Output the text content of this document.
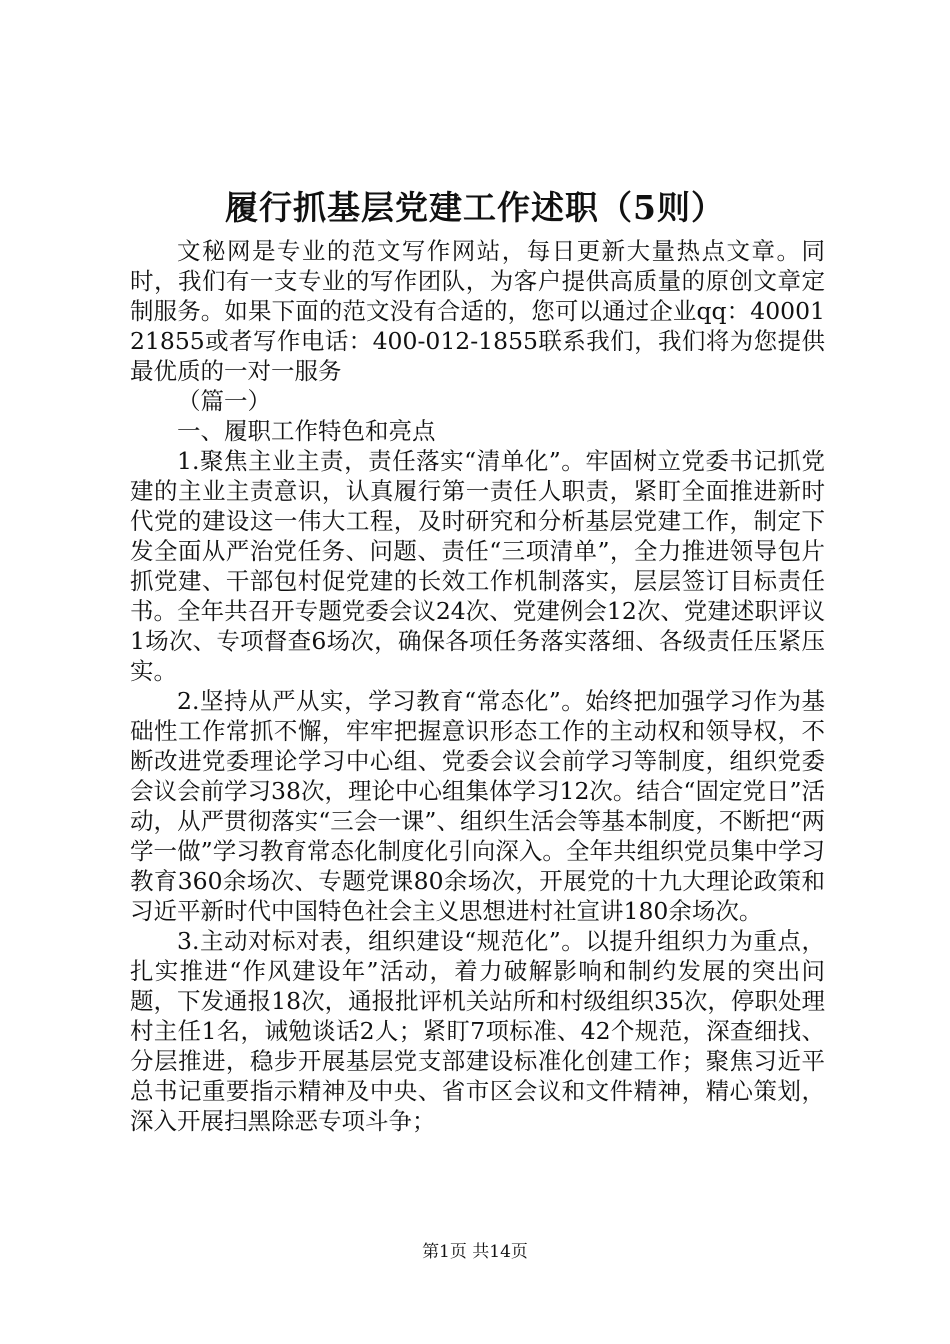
履行抓基层党建工作述职（5则）

文秘网是专业的范文写作网站，每日更新大量热点文章。同时，我们有一支专业的写作团队，为客户提供高质量的原创文章定制服务。如果下面的范文没有合适的，您可以通过企业qq：4000121855或者写作电话：400-012-1855联系我们，我们将为您提供最优质的一对一服务

（篇一）

一、履职工作特色和亮点

1.聚焦主业主责，责任落实“清单化”。牢固树立党委书记抓党建的主业主责意识，认真履行第一责任人职责，紧盯全面推进新时代党的建设这一伟大工程，及时研究和分析基层党建工作，制定下发全面从严治党任务、问题、责任“三项清单”，全力推进领导包片抓党建、干部包村促党建的长效工作机制落实，层层签订目标责任书。全年共召开专题党委会议24次、党建例会12次、党建述职评议1场次、专项督查6场次，确保各项任务落实落细、各级责任压紧压实。

2.坚持从严从实，学习教育“常态化”。始终把加强学习作为基础性工作常抓不懈，牢牢把握意识形态工作的主动权和领导权，不断改进党委理论学习中心组、党委会议会前学习等制度，组织党委会议会前学习38次，理论中心组集体学习12次。结合“固定党日”活动，从严贯彻落实“三会一课”、组织生活会等基本制度，不断把“两学一做”学习教育常态化制度化引向深入。全年共组织党员集中学习教育360余场次、专题党课80余场次，开展党的十九大理论政策和习近平新时代中国特色社会主义思想进村社宣讲180余场次。

3.主动对标对表，组织建设“规范化”。以提升组织力为重点，扎实推进“作风建设年”活动，着力破解影响和制约发展的突出问题，下发通报18次，通报批评机关站所和村级组织35次，停职处理村主任1名，诫勉谈话2人；紧盯7项标准、42个规范，深查细找、分层推进，稳步开展基层党支部建设标准化创建工作；聚焦习近平总书记重要指示精神及中央、省市区会议和文件精神，精心策划，深入开展扫黑除恶专项斗争；

第1页 共14页
